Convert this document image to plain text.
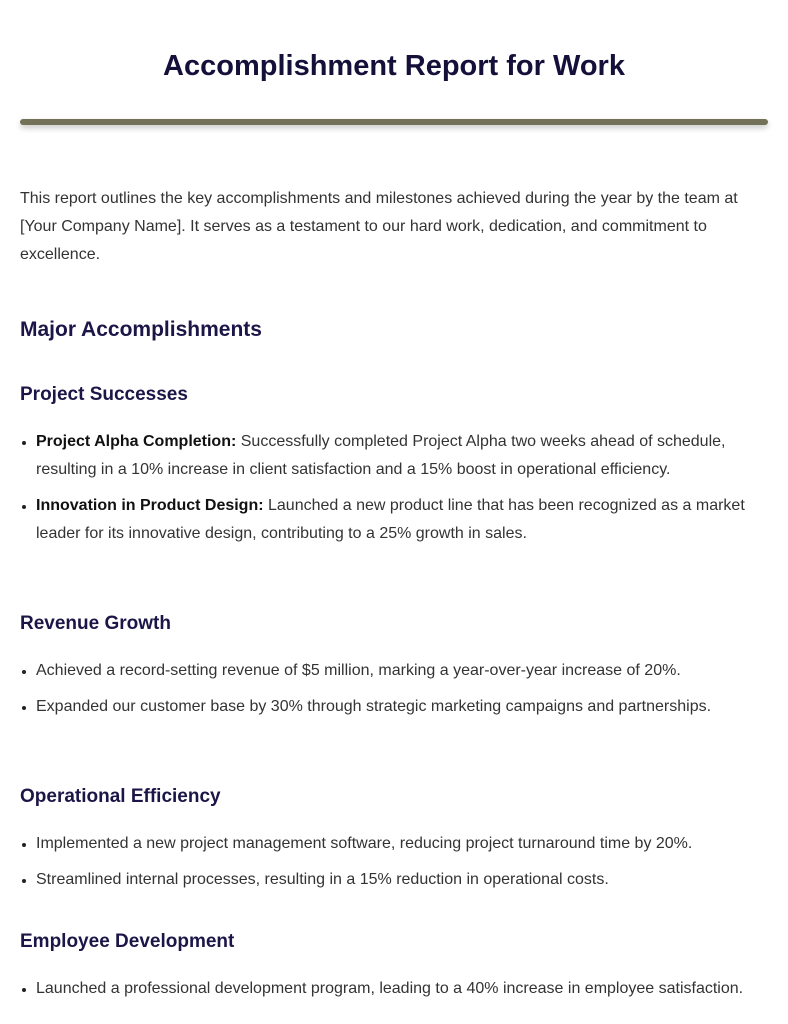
Accomplishment Report for Work

This report outlines the key accomplishments and milestones achieved during the year by the team at [Your Company Name]. It serves as a testament to our hard work, dedication, and commitment to excellence.

Major Accomplishments
Project Successes
• Project Alpha Completion: Successfully completed Project Alpha two weeks ahead of schedule, resulting in a 10% increase in client satisfaction and a 15% boost in operational efficiency.
• Innovation in Product Design: Launched a new product line that has been recognized as a market leader for its innovative design, contributing to a 25% growth in sales.
Revenue Growth
• Achieved a record-setting revenue of $5 million, marking a year-over-year increase of 20%.
• Expanded our customer base by 30% through strategic marketing campaigns and partnerships.
Operational Efficiency
• Implemented a new project management software, reducing project turnaround time by 20%.
• Streamlined internal processes, resulting in a 15% reduction in operational costs.
Employee Development
• Launched a professional development program, leading to a 40% increase in employee satisfaction.
